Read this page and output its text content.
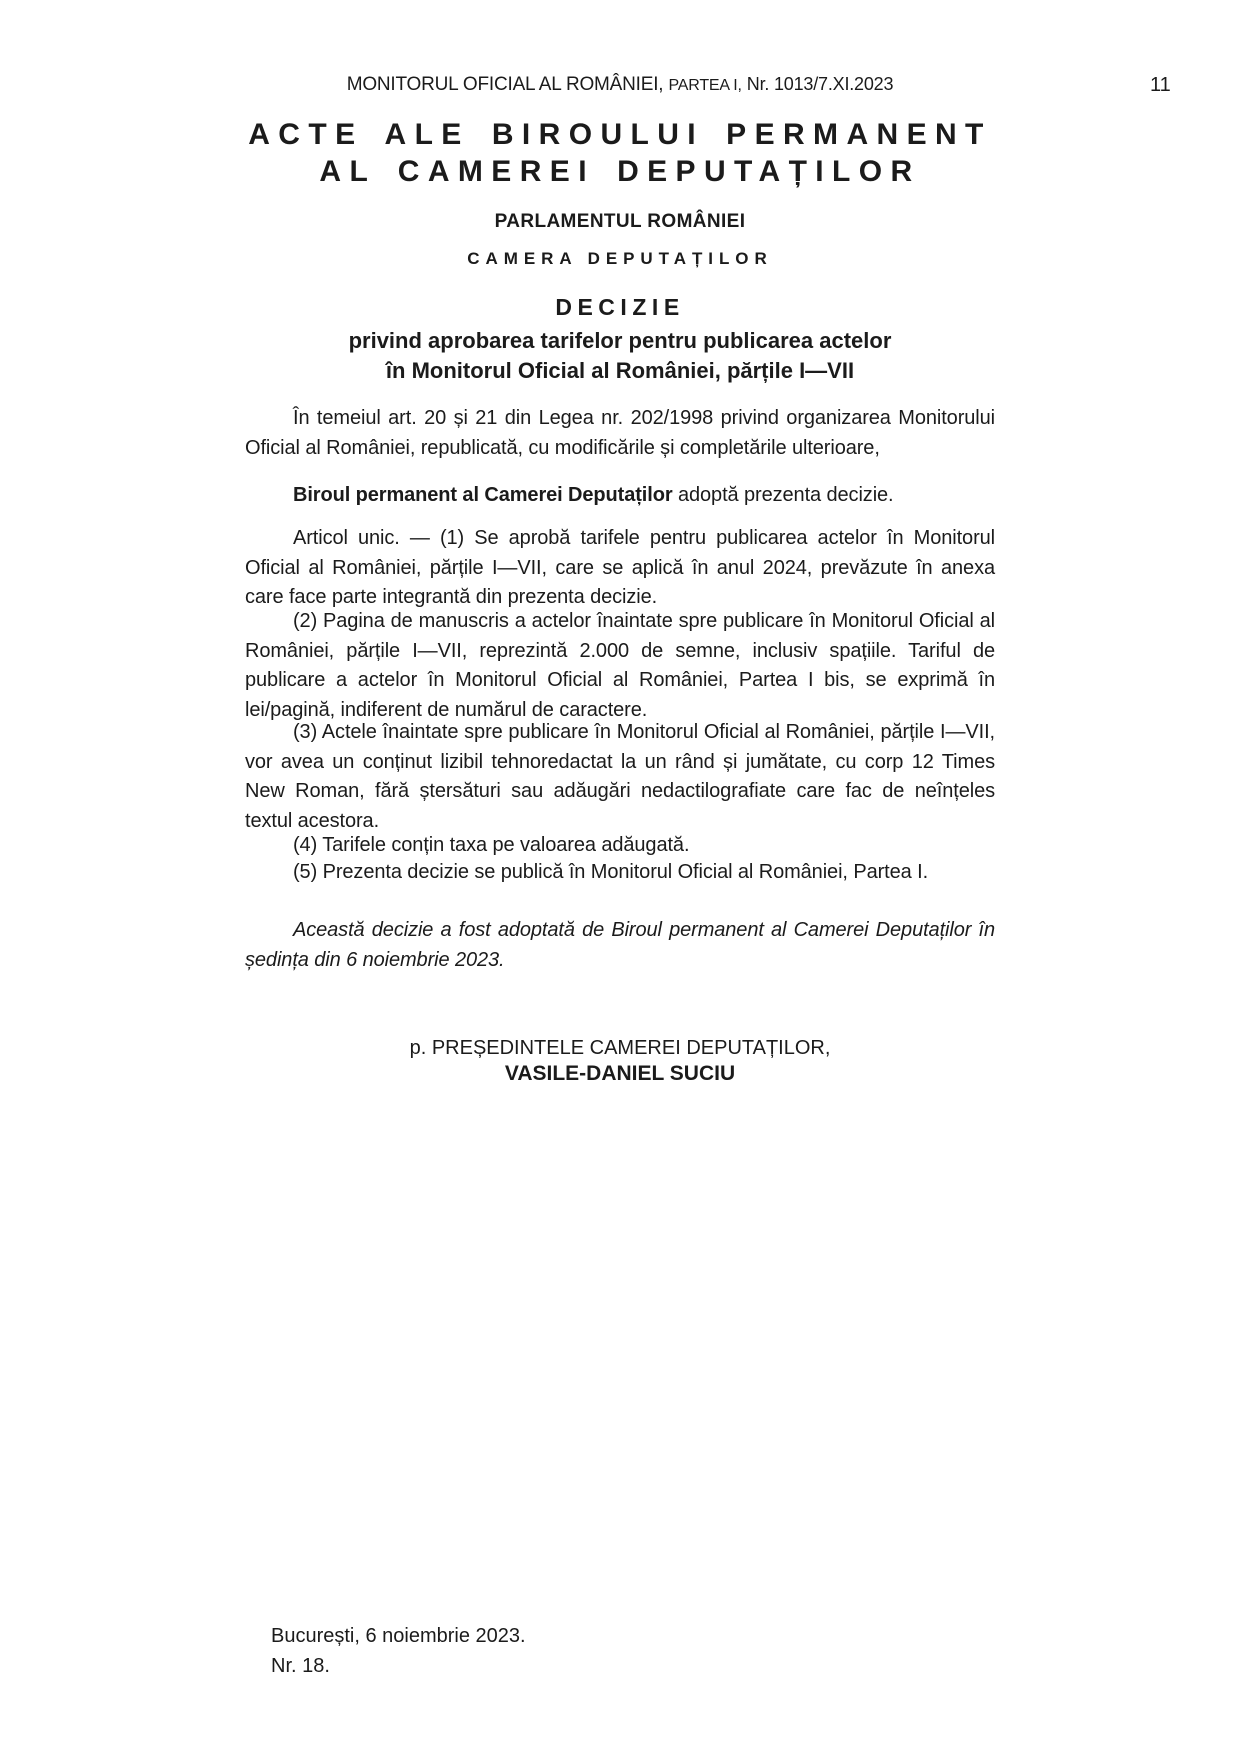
MONITORUL OFICIAL AL ROMÂNIEI, PARTEA I, Nr. 1013/7.XI.2023	11
ACTE ALE BIROULUI PERMANENT
AL CAMEREI DEPUTAȚILOR
PARLAMENTUL ROMÂNIEI
CAMERA DEPUTAȚILOR
DECIZIE
privind aprobarea tarifelor pentru publicarea actelor
în Monitorul Oficial al României, părțile I—VII

În temeiul art. 20 și 21 din Legea nr. 202/1998 privind organizarea Monitorului Oficial al României, republicată, cu modificările și completările ulterioare,

Biroul permanent al Camerei Deputaților adoptă prezenta decizie.

Articol unic. — (1) Se aprobă tarifele pentru publicarea actelor în Monitorul Oficial al României, părțile I—VII, care se aplică în anul 2024, prevăzute în anexa care face parte integrantă din prezenta decizie.

(2) Pagina de manuscris a actelor înaintate spre publicare în Monitorul Oficial al României, părțile I—VII, reprezintă 2.000 de semne, inclusiv spațiile. Tariful de publicare a actelor în Monitorul Oficial al României, Partea I bis, se exprimă în lei/pagină, indiferent de numărul de caractere.

(3) Actele înaintate spre publicare în Monitorul Oficial al României, părțile I—VII, vor avea un conținut lizibil tehnoredactat la un rând și jumătate, cu corp 12 Times New Roman, fără ștersături sau adăugări nedactilografiate care fac de neînțeles textul acestora.

(4) Tarifele conțin taxa pe valoarea adăugată.

(5) Prezenta decizie se publică în Monitorul Oficial al României, Partea I.

Această decizie a fost adoptată de Biroul permanent al Camerei Deputaților în ședința din 6 noiembrie 2023.

p. PREȘEDINTELE CAMEREI DEPUTAȚILOR,
VASILE-DANIEL SUCIU
București, 6 noiembrie 2023.
Nr. 18.
